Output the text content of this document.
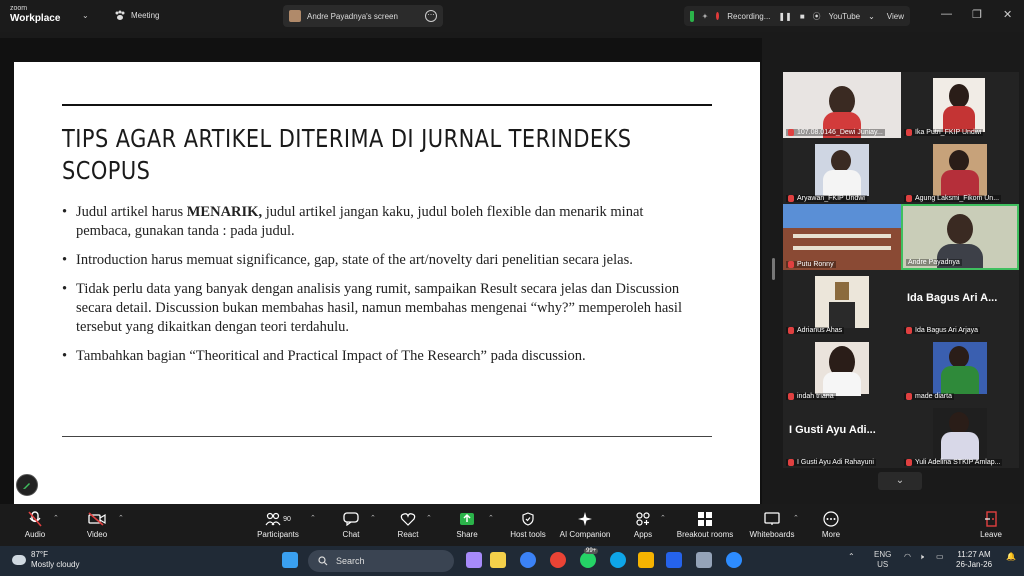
zoom
Workplace	⌄	Meeting	Andre Payadnya's screen	⋯	✦ Recording... ❚❚ ■ ⦿ YouTube ⌄ View	— ❐ ✕
TIPS AGAR ARTIKEL DITERIMA DI JURNAL TERINDEKS SCOPUS
• Judul artikel harus MENARIK, judul artikel jangan kaku, judul boleh flexible dan menarik minat pembaca, gunakan tanda : pada judul.
• Introduction harus memuat significance, gap, state of the art/novelty dari penelitian secara jelas.
• Tidak perlu data yang banyak dengan analisis yang rumit, sampaikan Result secara jelas dan Discussion secara detail. Discussion bukan membahas hasil, namun membahas mengenai “why?” memperoleh hasil tersebut yang dikaitkan dengan teori terdahulu.
• Tambahkan bagian “Theoritical and Practical Impact of The Research” pada discussion.
107.08.0146_Dewi Juniay...	Ika Putri_FKIP Undwi
Aryawan_FKIP Undwi	Agung Laksmi_Fikom Un...
Putu Ronny	Andre Payadnya
Adrianus Ahas
Ida Bagus Ari A...
Ida Bagus Ari Arjaya
indah triana	made diarta
I Gusti Ayu Adi...
I Gusti Ayu Adi Rahayuni	Yuli Adelina STKIP Amlap...
⌄
Audio
⌃
Video
⌃	90
Participants
⌃
Chat
⌃
React
⌃
Share
⌃
Host tools AI Companion	Apps
⌃
Breakout rooms	Whiteboards
⌃
More	Leave
87°F
Mostly cloudy	Search
99+
⌃ ENG
US
◠ 🕨 ▭ 11:27 AM
26-Jan-26
🔔
